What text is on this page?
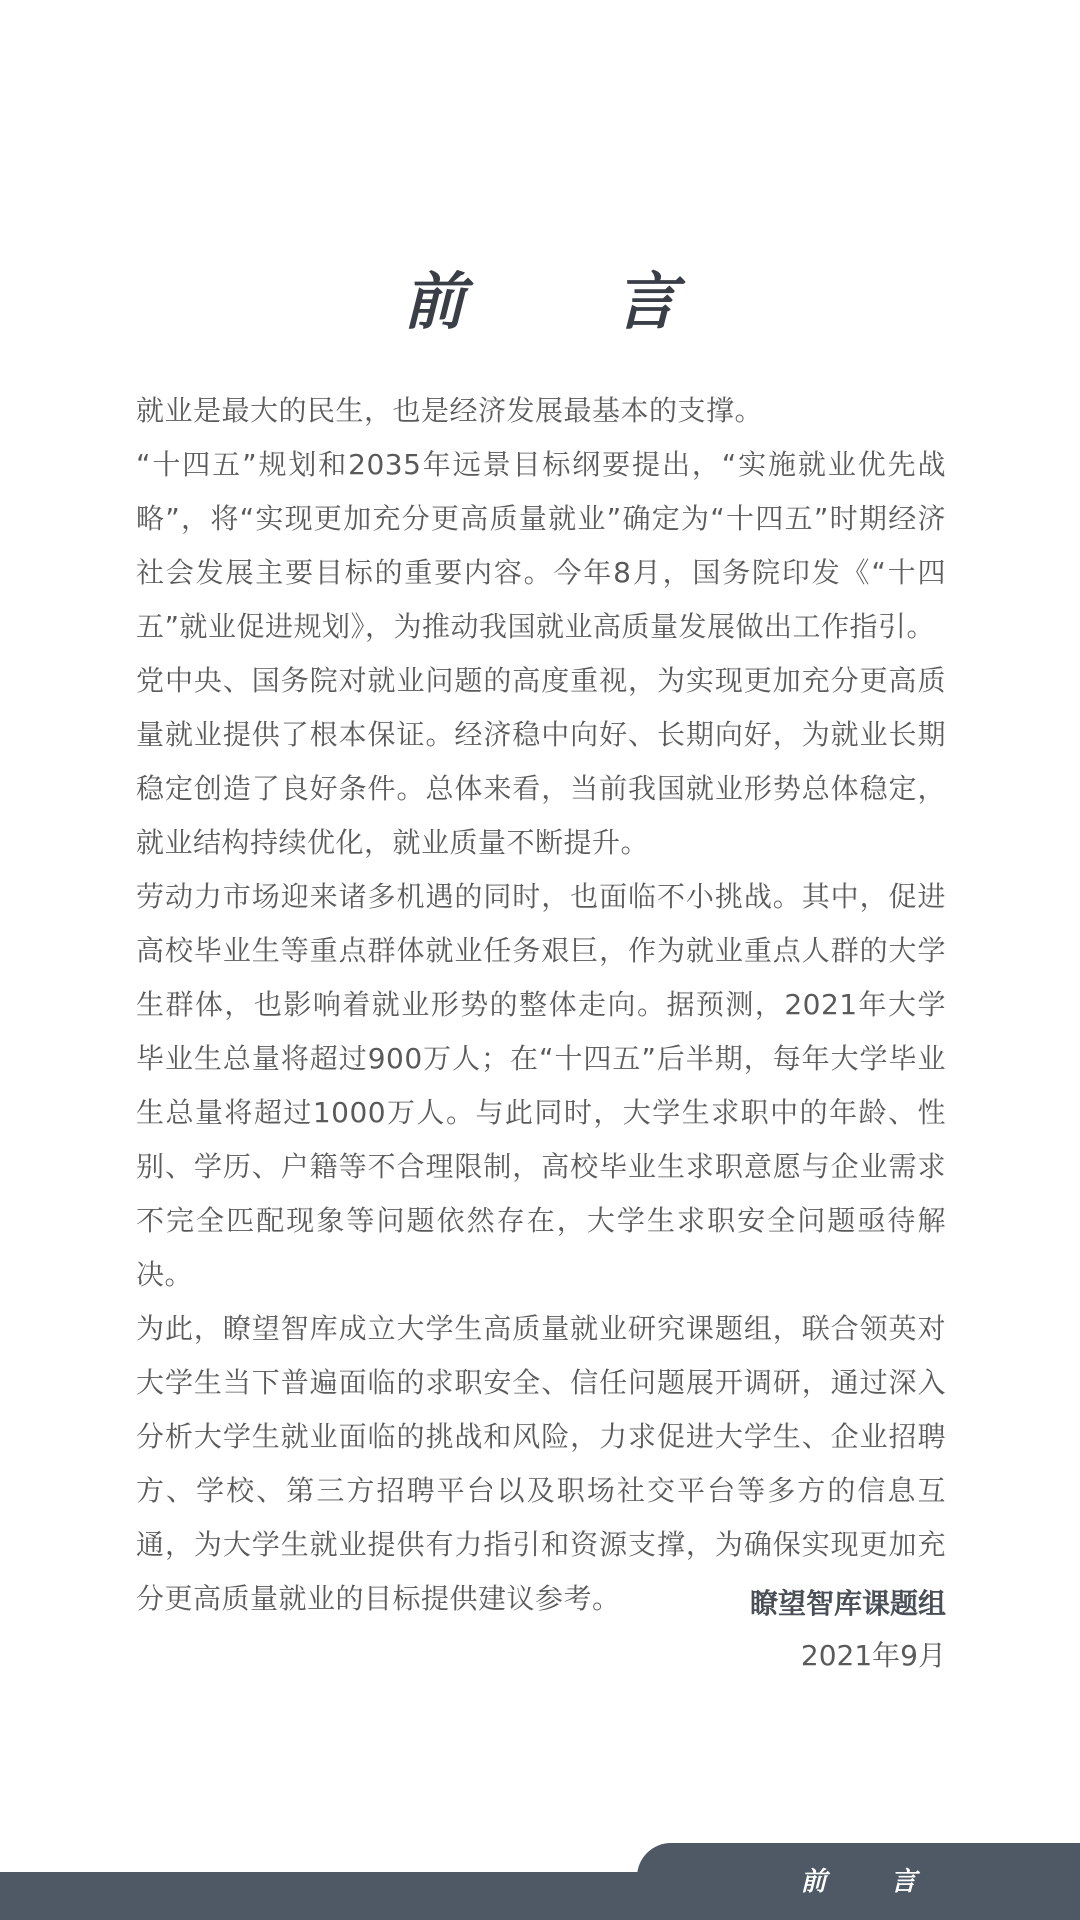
前 言

就业是最大的民生，也是经济发展最基本的支撑。

“十四五”规划和2035年远景目标纲要提出，“实施就业优先战略”，将“实现更加充分更高质量就业”确定为“十四五”时期经济社会发展主要目标的重要内容。今年8月，国务院印发《“十四五”就业促进规划》，为推动我国就业高质量发展做出工作指引。

党中央、国务院对就业问题的高度重视，为实现更加充分更高质量就业提供了根本保证。经济稳中向好、长期向好，为就业长期稳定创造了良好条件。总体来看，当前我国就业形势总体稳定，就业结构持续优化，就业质量不断提升。

劳动力市场迎来诸多机遇的同时，也面临不小挑战。其中，促进高校毕业生等重点群体就业任务艰巨，作为就业重点人群的大学生群体，也影响着就业形势的整体走向。据预测，2021年大学毕业生总量将超过900万人；在“十四五”后半期，每年大学毕业生总量将超过1000万人。与此同时，大学生求职中的年龄、性别、学历、户籍等不合理限制，高校毕业生求职意愿与企业需求不完全匹配现象等问题依然存在，大学生求职安全问题亟待解决。

为此，瞭望智库成立大学生高质量就业研究课题组，联合领英对大学生当下普遍面临的求职安全、信任问题展开调研，通过深入分析大学生就业面临的挑战和风险，力求促进大学生、企业招聘方、学校、第三方招聘平台以及职场社交平台等多方的信息互通，为大学生就业提供有力指引和资源支撑，为确保实现更加充分更高质量就业的目标提供建议参考。	瞭望智库课题组
2021年9月
前 言
